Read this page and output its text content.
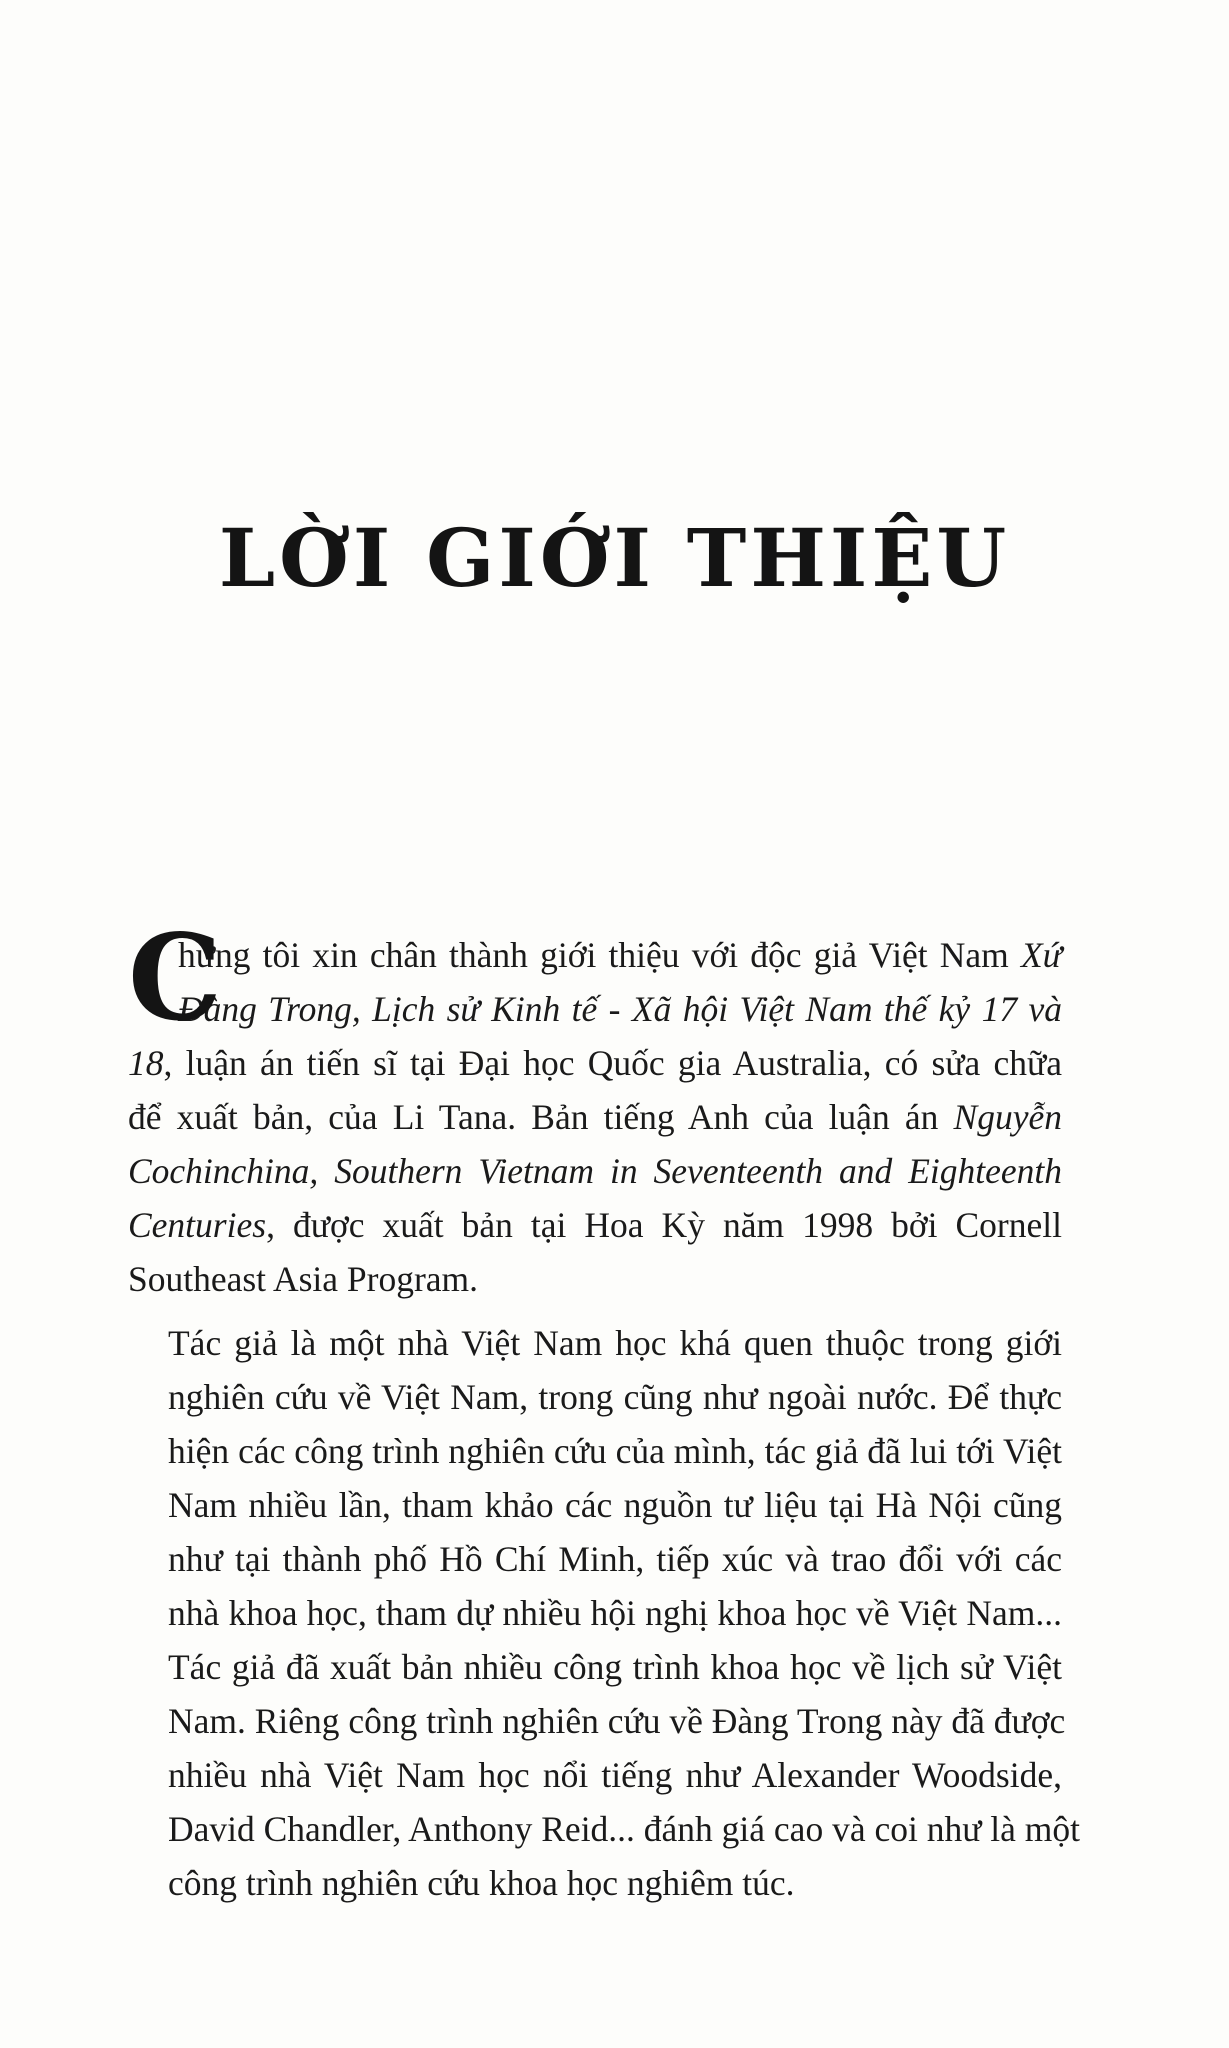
LỜI GIỚI THIỆU
C
hứng tôi xin chân thành giới thiệu với độc giả Việt Nam Xứ
Đàng Trong, Lịch sử Kinh tế - Xã hội Việt Nam thế kỷ 17 và
18, luận án tiến sĩ tại Đại học Quốc gia Australia, có sửa chữa
để xuất bản, của Li Tana. Bản tiếng Anh của luận án Nguyễn
Cochinchina, Southern Vietnam in Seventeenth and Eighteenth
Centuries, được xuất bản tại Hoa Kỳ năm 1998 bởi Cornell
Southeast Asia Program.
Tác giả là một nhà Việt Nam học khá quen thuộc trong giới
nghiên cứu về Việt Nam, trong cũng như ngoài nước. Để thực
hiện các công trình nghiên cứu của mình, tác giả đã lui tới Việt
Nam nhiều lần, tham khảo các nguồn tư liệu tại Hà Nội cũng
như tại thành phố Hồ Chí Minh, tiếp xúc và trao đổi với các
nhà khoa học, tham dự nhiều hội nghị khoa học về Việt Nam...
Tác giả đã xuất bản nhiều công trình khoa học về lịch sử Việt
Nam. Riêng công trình nghiên cứu về Đàng Trong này đã được
nhiều nhà Việt Nam học nổi tiếng như Alexander Woodside,
David Chandler, Anthony Reid... đánh giá cao và coi như là một
công trình nghiên cứu khoa học nghiêm túc.
